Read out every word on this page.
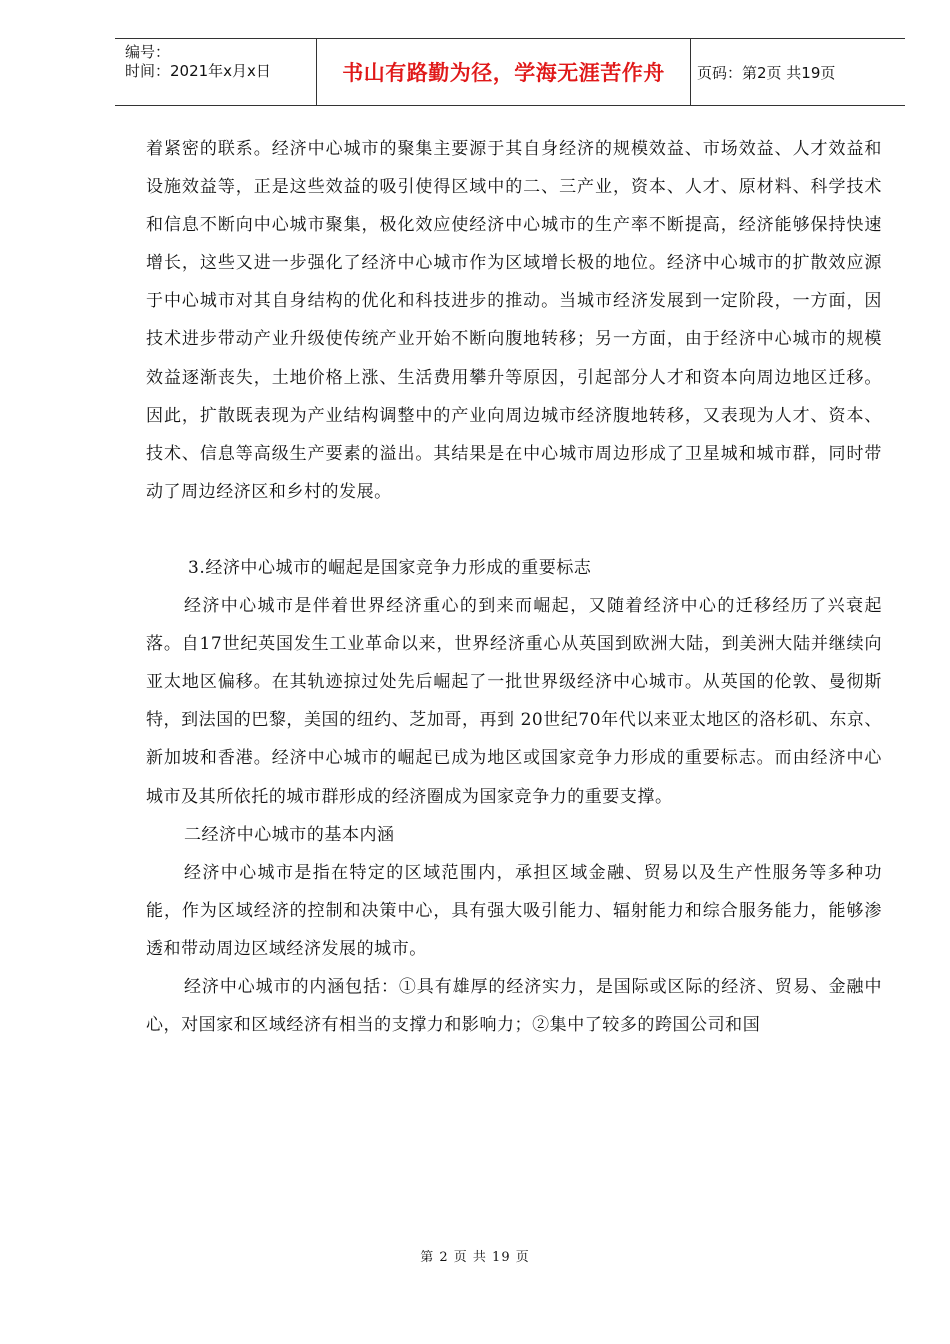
编号：
时间：2021年x月x日	书山有路勤为径，学海无涯苦作舟	页码：第2页 共19页

着紧密的联系。经济中心城市的聚集主要源于其自身经济的规模效益、市场效益、人才效益和设施效益等，正是这些效益的吸引使得区域中的二、三产业，资本、人才、原材料、科学技术和信息不断向中心城市聚集，极化效应使经济中心城市的生产率不断提高，经济能够保持快速增长，这些又进一步强化了经济中心城市作为区域增长极的地位。经济中心城市的扩散效应源于中心城市对其自身结构的优化和科技进步的推动。当城市经济发展到一定阶段，一方面，因技术进步带动产业升级使传统产业开始不断向腹地转移；另一方面，由于经济中心城市的规模效益逐渐丧失，土地价格上涨、生活费用攀升等原因，引起部分人才和资本向周边地区迁移。因此，扩散既表现为产业结构调整中的产业向周边城市经济腹地转移，又表现为人才、资本、技术、信息等高级生产要素的溢出。其结果是在中心城市周边形成了卫星城和城市群，同时带动了周边经济区和乡村的发展。

3.经济中心城市的崛起是国家竞争力形成的重要标志

经济中心城市是伴着世界经济重心的到来而崛起，又随着经济中心的迁移经历了兴衰起落。自17世纪英国发生工业革命以来，世界经济重心从英国到欧洲大陆，到美洲大陆并继续向亚太地区偏移。在其轨迹掠过处先后崛起了一批世界级经济中心城市。从英国的伦敦、曼彻斯特，到法国的巴黎，美国的纽约、芝加哥，再到 20世纪70年代以来亚太地区的洛杉矶、东京、新加坡和香港。经济中心城市的崛起已成为地区或国家竞争力形成的重要标志。而由经济中心城市及其所依托的城市群形成的经济圈成为国家竞争力的重要支撑。

二经济中心城市的基本内涵

经济中心城市是指在特定的区域范围内，承担区域金融、贸易以及生产性服务等多种功能，作为区域经济的控制和决策中心，具有强大吸引能力、辐射能力和综合服务能力，能够渗透和带动周边区域经济发展的城市。

经济中心城市的内涵包括：①具有雄厚的经济实力，是国际或区际的经济、贸易、金融中心，对国家和区域经济有相当的支撑力和影响力；②集中了较多的跨国公司和国

第 2 页 共 19 页
